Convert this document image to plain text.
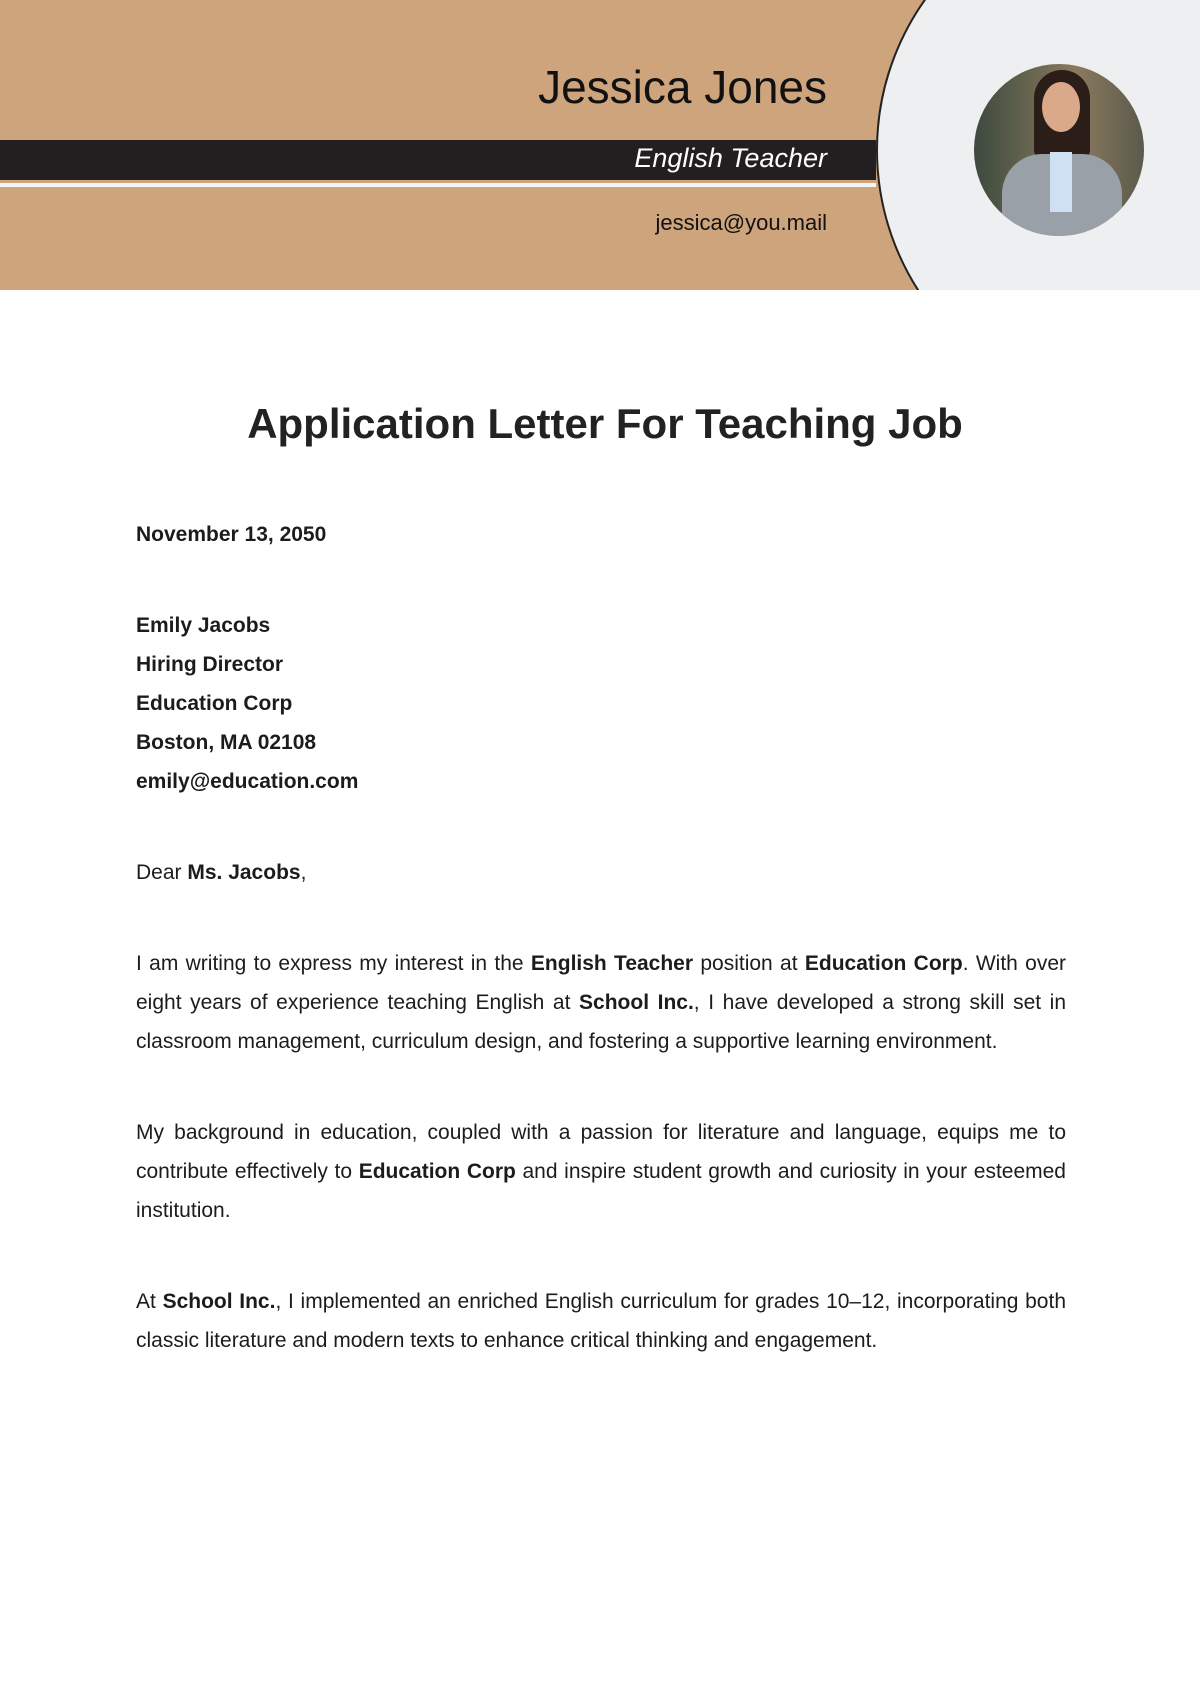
Jessica Jones
English Teacher
jessica@you.mail
Application Letter For Teaching Job

November 13, 2050

Emily Jacobs
Hiring Director
Education Corp
Boston, MA 02108
emily@education.com

Dear Ms. Jacobs,

I am writing to express my interest in the English Teacher position at Education Corp. With over eight years of experience teaching English at School Inc., I have developed a strong skill set in classroom management, curriculum design, and fostering a supportive learning environment.

My background in education, coupled with a passion for literature and language, equips me to contribute effectively to Education Corp and inspire student growth and curiosity in your esteemed institution.

At School Inc., I implemented an enriched English curriculum for grades 10–12, incorporating both classic literature and modern texts to enhance critical thinking and engagement.
